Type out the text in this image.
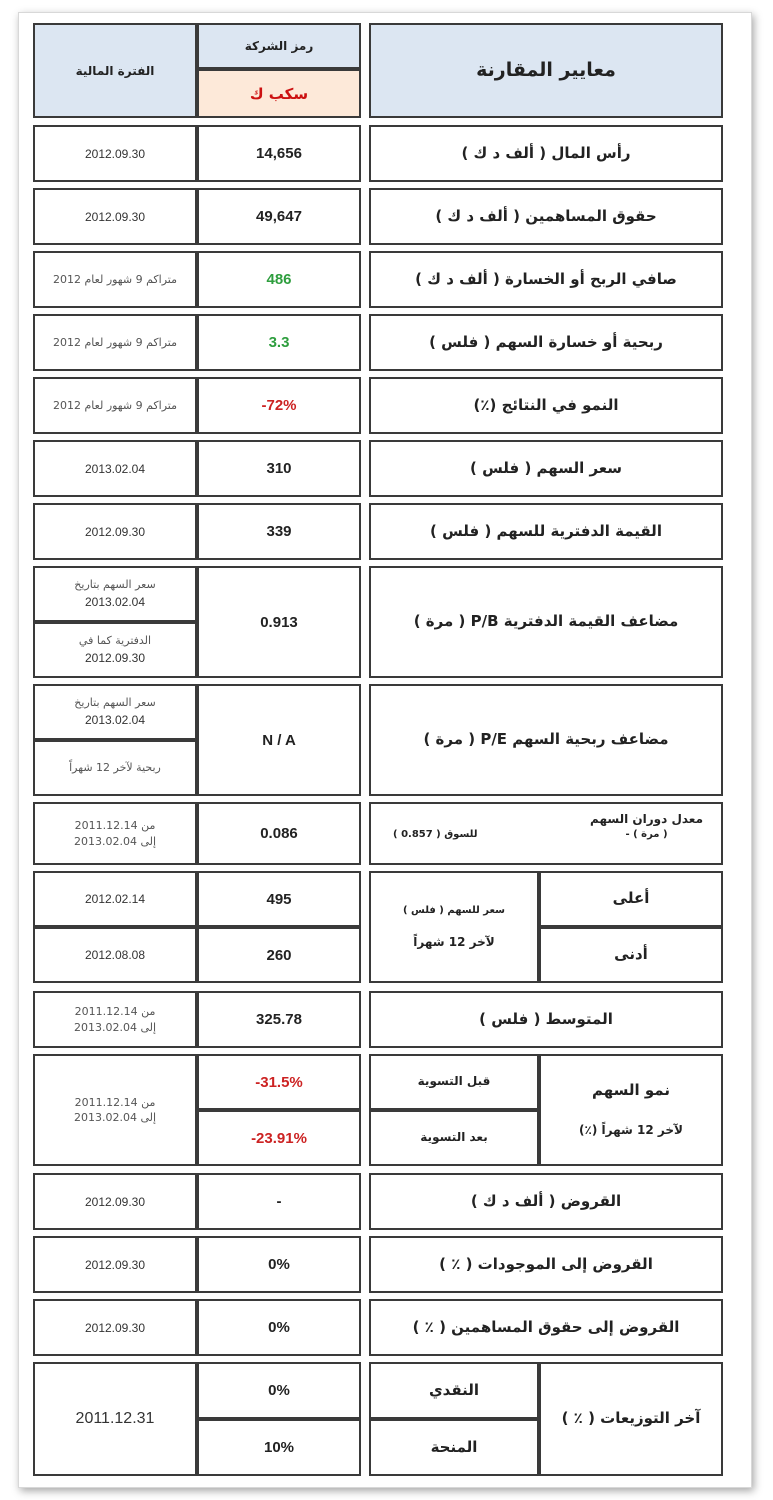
معايير المقارنة
رمز الشركة
سكب ك
الفترة المالية
رأس المال ( ألف د ك )
14,656
2012.09.30
حقوق المساهمين ( ألف د ك )
49,647
2012.09.30
صافي الربح أو الخسارة ( ألف د ك )
486
متراكم 9 شهور لعام 2012
ربحية أو خسارة السهم ( فلس )
3.3
متراكم 9 شهور لعام 2012
النمو في النتائج (٪)
-72%
متراكم 9 شهور لعام 2012
سعر السهم ( فلس )
310
2013.02.04
القيمة الدفترية للسهم ( فلس )
339
2012.09.30
مضاعف القيمة الدفترية P/B ( مرة )
0.913
سعر السهم بتاريخ
2013.02.04
الدفترية كما في
2012.09.30
مضاعف ربحية السهم P/E ( مرة )
N / A
سعر السهم بتاريخ
2013.02.04
ربحية لآخر 12 شهراً
معدل دوران السهم
( مرة ) -
للسوق ( 0.857 )
0.086
من 2011.12.14
إلى 2013.02.04
أعلى
أدنى
سعر للسهم ( فلس )
لآخر 12 شهراً
495
260
2012.02.14
2012.08.08
المتوسط ( فلس )
325.78
من 2011.12.14
إلى 2013.02.04
نمو السهم
لآخر 12 شهراً (٪)
قبل التسوية
بعد التسوية
-31.5%
-23.91%
من 2011.12.14
إلى 2013.02.04
القروض ( ألف د ك )
-
2012.09.30
القروض إلى الموجودات ( ٪ )
0%
2012.09.30
القروض إلى حقوق المساهمين ( ٪ )
0%
2012.09.30
آخر التوزيعات ( ٪ )
النقدي
المنحة
0%
10%
2011.12.31
